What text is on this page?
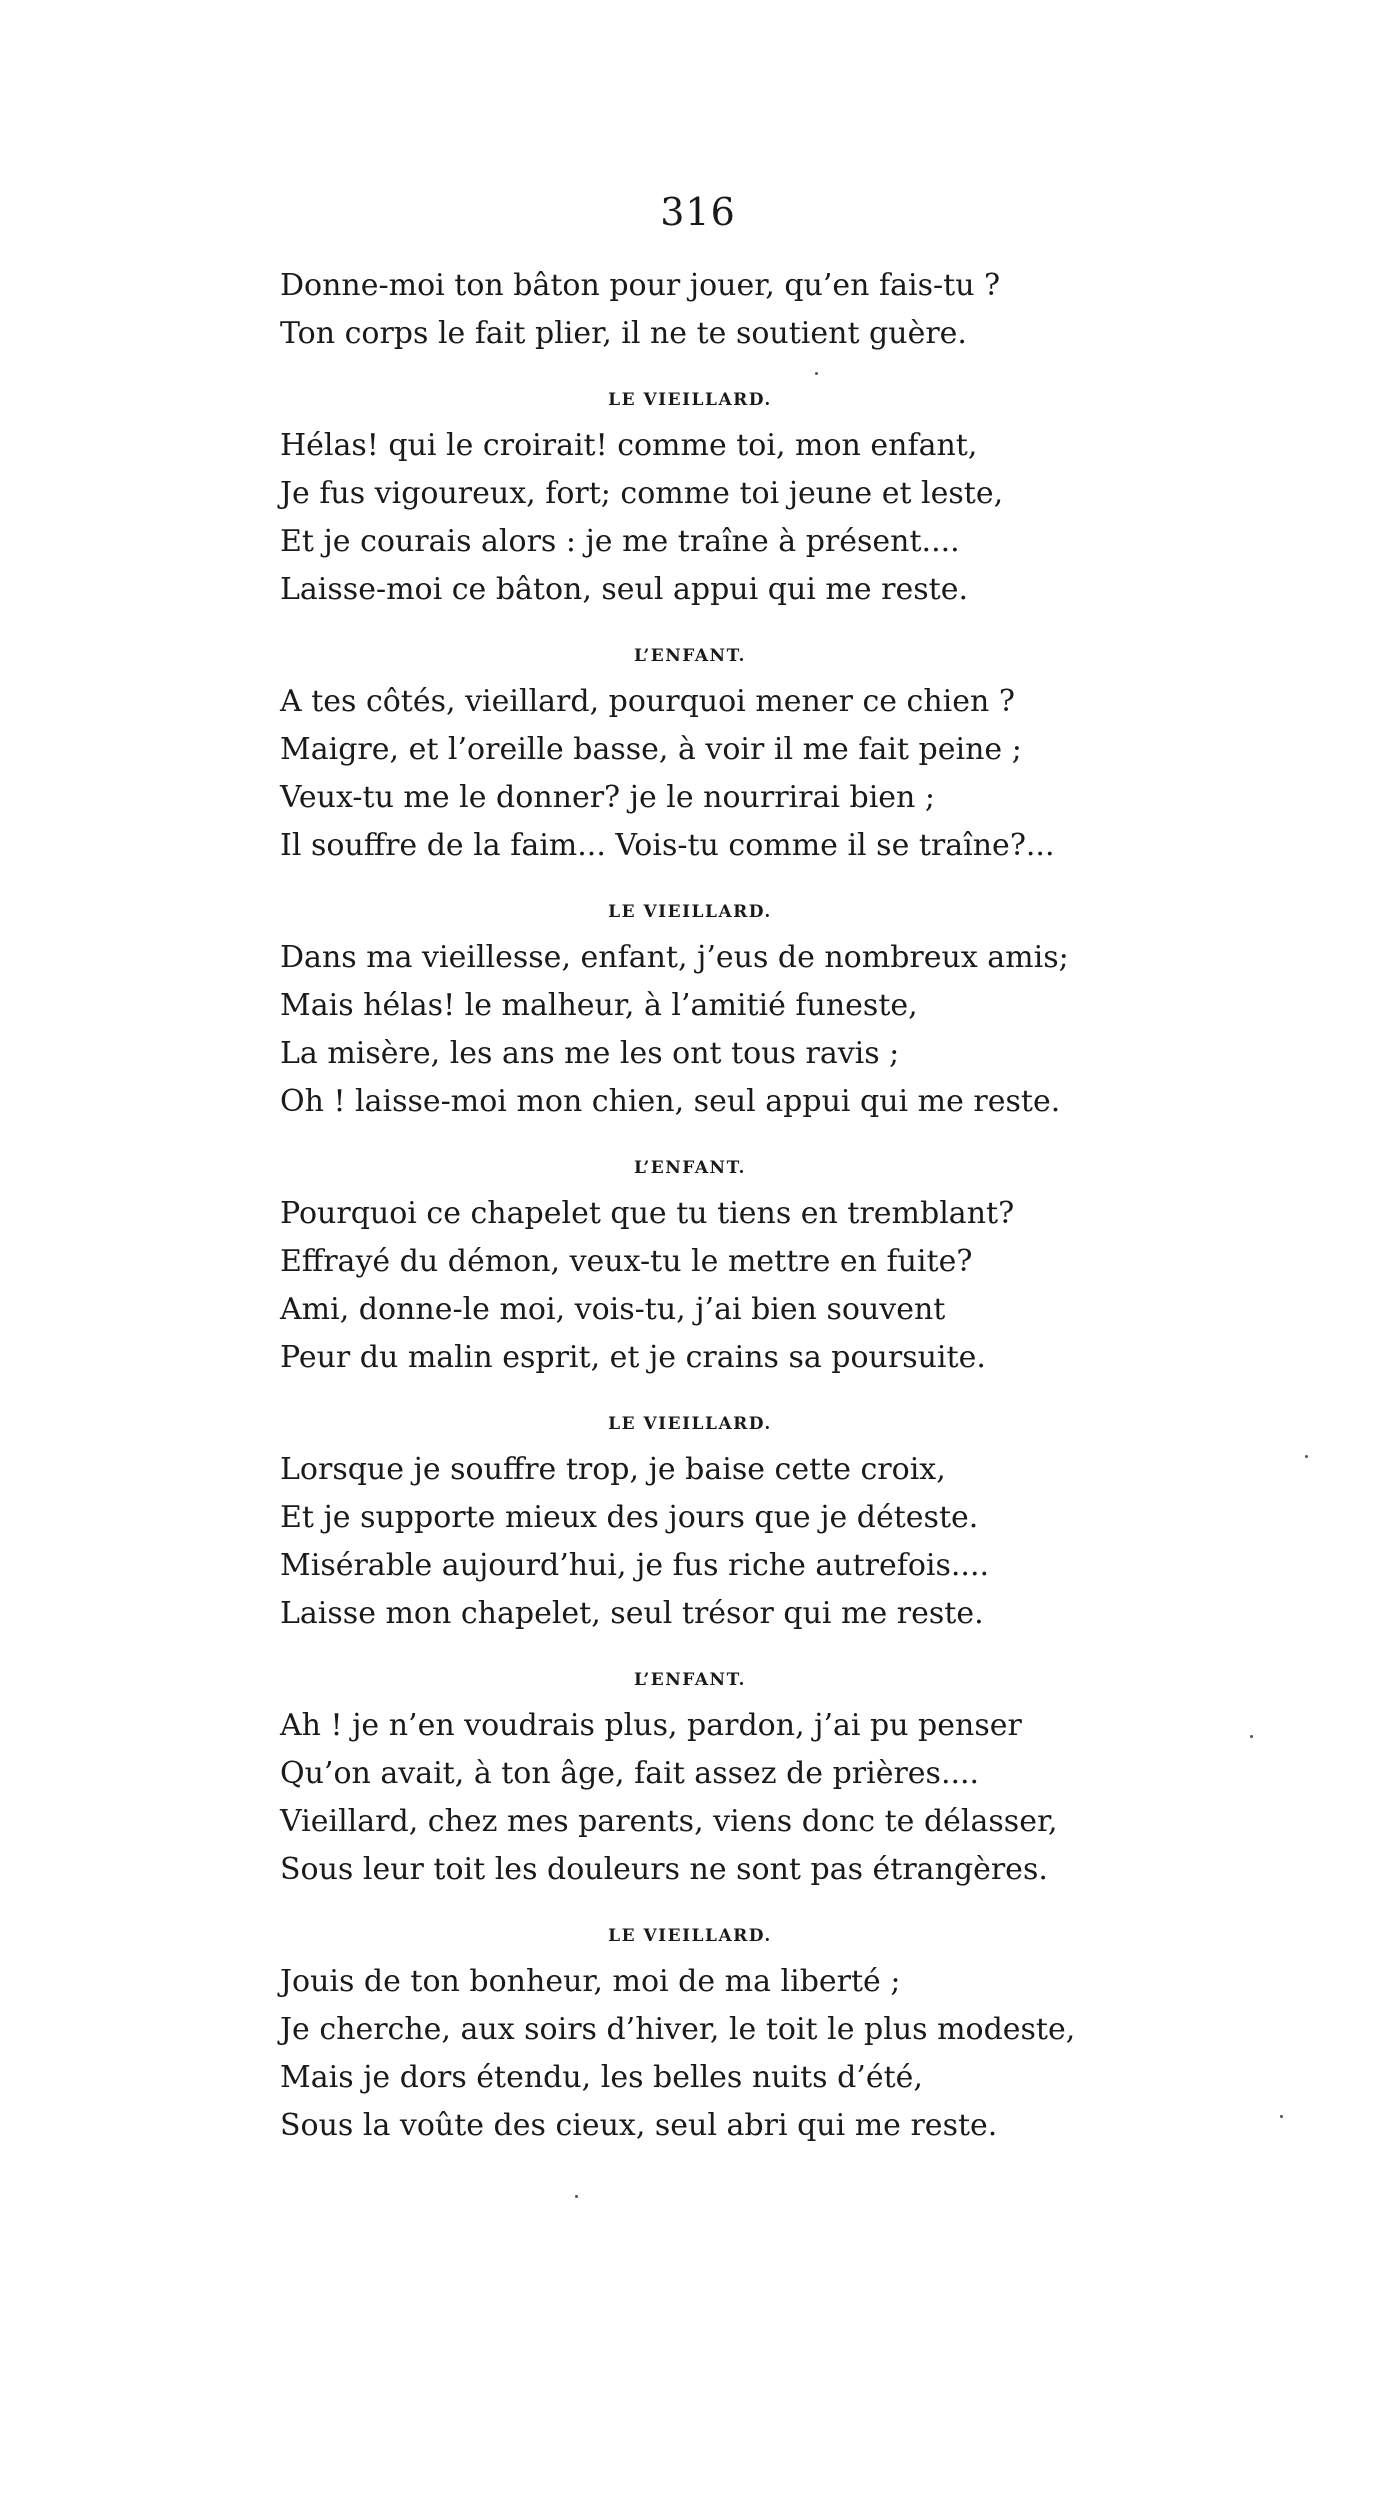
316
Donne-moi ton bâton pour jouer, qu’en fais-tu ?
Ton corps le fait plier, il ne te soutient guère.
LE VIEILLARD.
Hélas! qui le croirait! comme toi, mon enfant,
Je fus vigoureux, fort; comme toi jeune et leste,
Et je courais alors : je me traîne à présent....
Laisse-moi ce bâton, seul appui qui me reste.
L’ENFANT.
A tes côtés, vieillard, pourquoi mener ce chien ?
Maigre, et l’oreille basse, à voir il me fait peine ;
Veux-tu me le donner? je le nourrirai bien ;
Il souffre de la faim... Vois-tu comme il se traîne?...
LE VIEILLARD.
Dans ma vieillesse, enfant, j’eus de nombreux amis;
Mais hélas! le malheur, à l’amitié funeste,
La misère, les ans me les ont tous ravis ;
Oh ! laisse-moi mon chien, seul appui qui me reste.
L’ENFANT.
Pourquoi ce chapelet que tu tiens en tremblant?
Effrayé du démon, veux-tu le mettre en fuite?
Ami, donne-le moi, vois-tu, j’ai bien souvent
Peur du malin esprit, et je crains sa poursuite.
LE VIEILLARD.
Lorsque je souffre trop, je baise cette croix,
Et je supporte mieux des jours que je déteste.
Misérable aujourd’hui, je fus riche autrefois....
Laisse mon chapelet, seul trésor qui me reste.
L’ENFANT.
Ah ! je n’en voudrais plus, pardon, j’ai pu penser
Qu’on avait, à ton âge, fait assez de prières....
Vieillard, chez mes parents, viens donc te délasser,
Sous leur toit les douleurs ne sont pas étrangères.
LE VIEILLARD.
Jouis de ton bonheur, moi de ma liberté ;
Je cherche, aux soirs d’hiver, le toit le plus modeste,
Mais je dors étendu, les belles nuits d’été,
Sous la voûte des cieux, seul abri qui me reste.
